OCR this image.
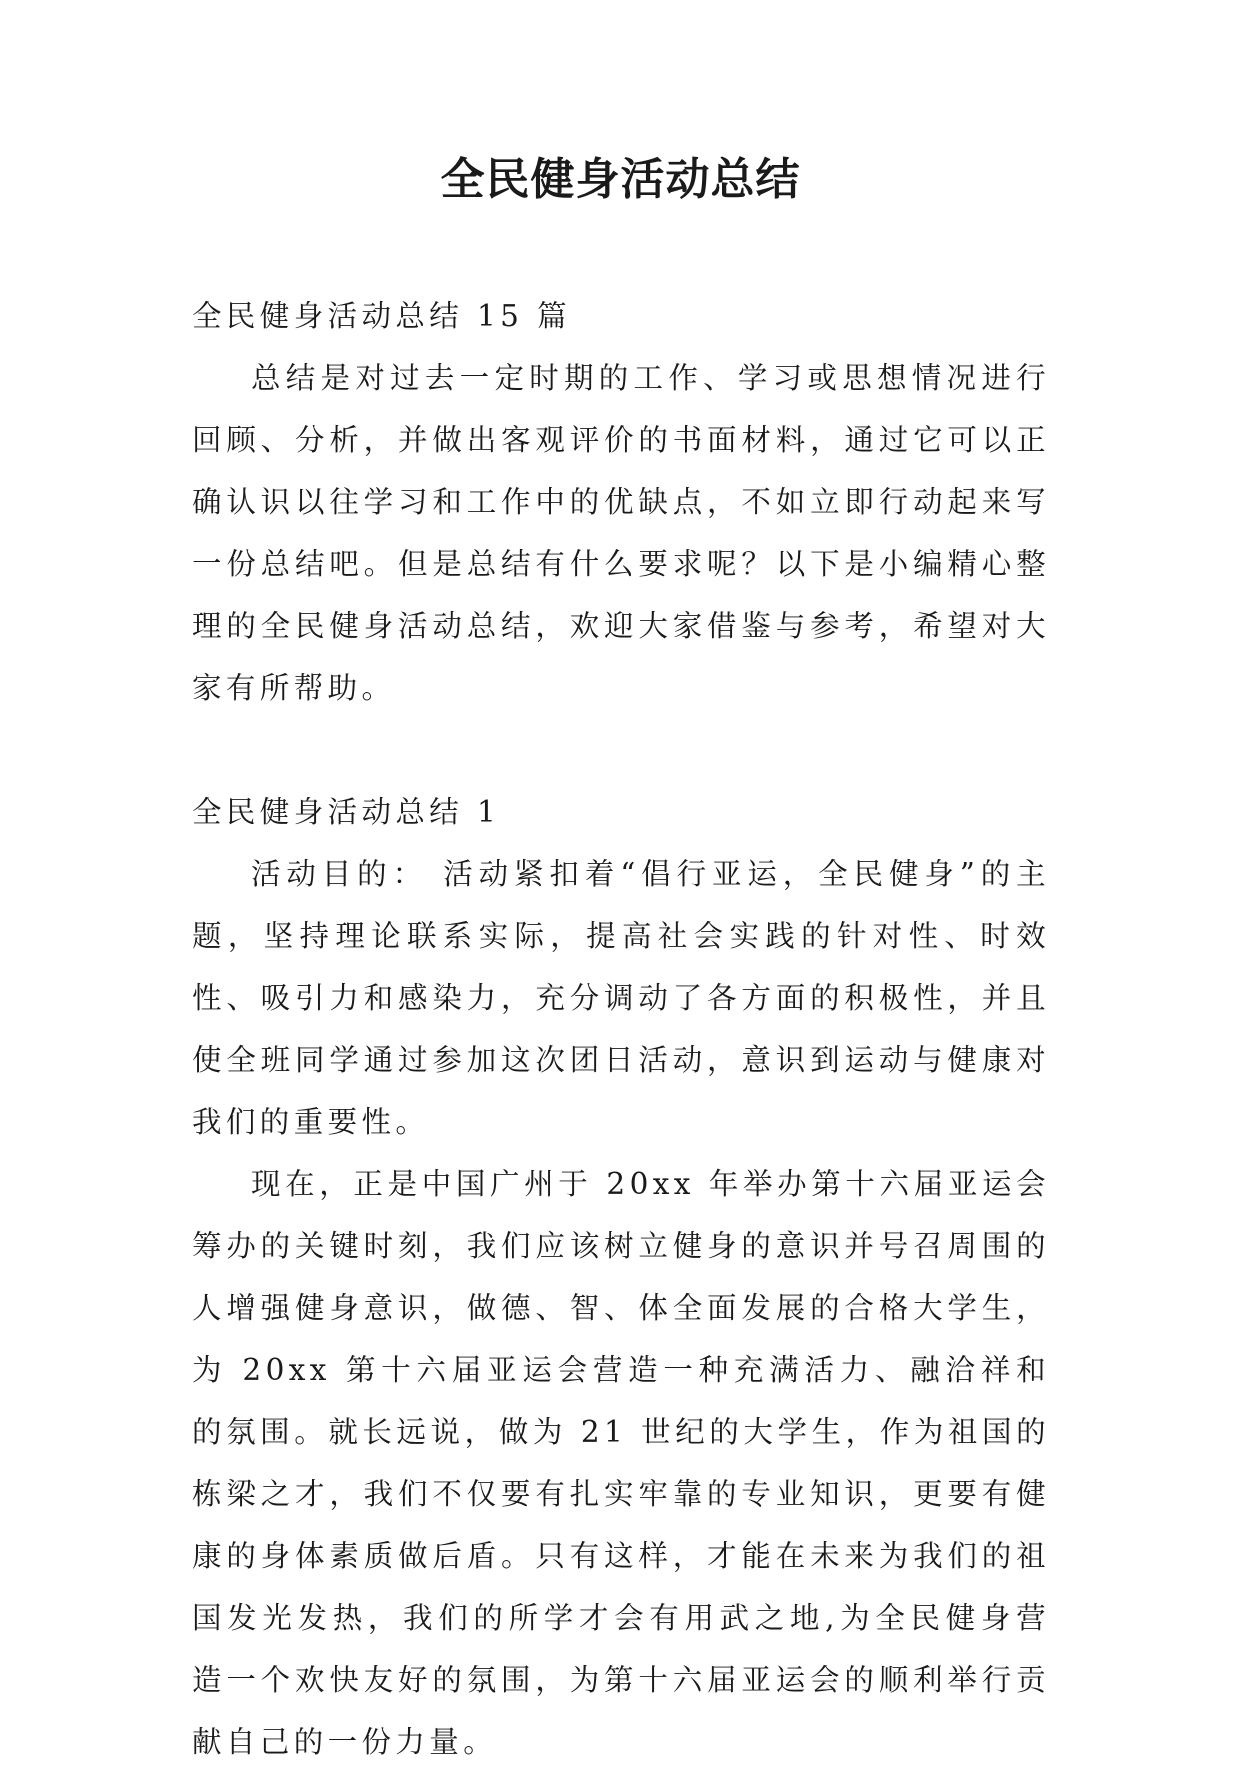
全民健身活动总结

全民健身活动总结 15 篇

总结是对过去一定时期的工作、学习或思想情况进行回顾、分析，并做出客观评价的书面材料，通过它可以正确认识以往学习和工作中的优缺点，不如立即行动起来写一份总结吧。但是总结有什么要求呢？以下是小编精心整理的全民健身活动总结，欢迎大家借鉴与参考，希望对大家有所帮助。

全民健身活动总结 1

活动目的： 活动紧扣着“倡行亚运，全民健身”的主题，坚持理论联系实际，提高社会实践的针对性、时效性、吸引力和感染力，充分调动了各方面的积极性，并且使全班同学通过参加这次团日活动，意识到运动与健康对我们的重要性。

现在，正是中国广州于 20xx 年举办第十六届亚运会筹办的关键时刻，我们应该树立健身的意识并号召周围的人增强健身意识，做德、智、体全面发展的合格大学生，为 20xx 第十六届亚运会营造一种充满活力、融洽祥和的氛围。就长远说，做为 21 世纪的大学生，作为祖国的栋梁之才，我们不仅要有扎实牢靠的专业知识，更要有健康的身体素质做后盾。只有这样，才能在未来为我们的祖国发光发热，我们的所学才会有用武之地,为全民健身营造一个欢快友好的氛围，为第十六届亚运会的顺利举行贡献自己的一份力量。
